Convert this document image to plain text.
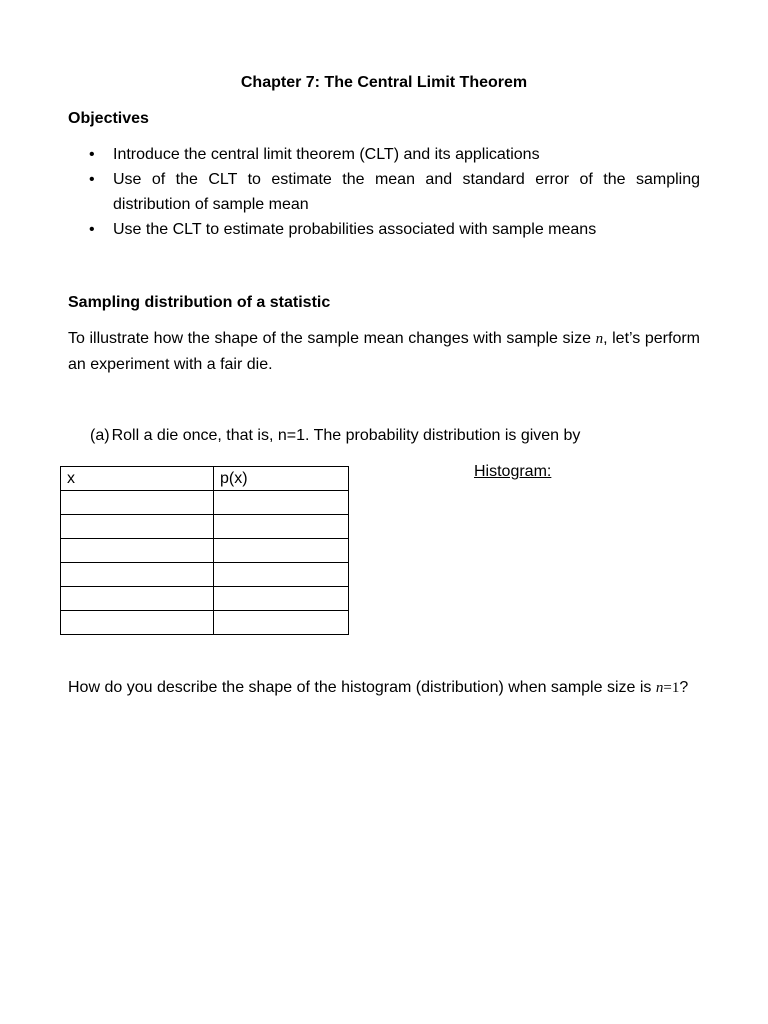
Chapter 7: The Central Limit Theorem
Objectives
• Introduce the central limit theorem (CLT) and its applications
• Use of the CLT to estimate the mean and standard error of the sampling distribution of sample mean
• Use the CLT to estimate probabilities associated with sample means
Sampling distribution of a statistic
To illustrate how the shape of the sample mean changes with sample size n, let’s perform an experiment with a fair die.
(a) Roll a die once, that is, n=1. The probability distribution is given by
x	p(x)

		Histogram:
How do you describe the shape of the histogram (distribution) when sample size is n=1?
